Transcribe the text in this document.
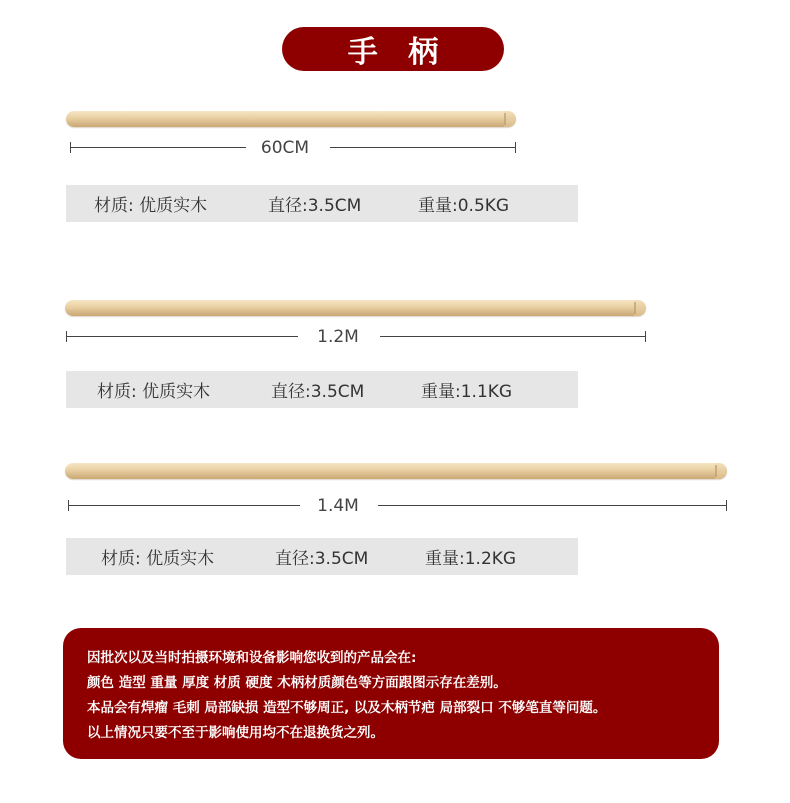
手 柄
60CM
材质: 优质实木	直径:3.5CM	重量:0.5KG
1.2M
材质: 优质实木	直径:3.5CM	重量:1.1KG
1.4M
材质: 优质实木	直径:3.5CM	重量:1.2KG
因批次以及当时拍摄环境和设备影响您收到的产品会在:
颜色 造型 重量 厚度 材质 硬度 木柄材质颜色等方面跟图示存在差别。
本品会有焊瘤 毛刺 局部缺损 造型不够周正, 以及木柄节疤 局部裂口 不够笔直等问题。
以上情况只要不至于影响使用均不在退换货之列。
